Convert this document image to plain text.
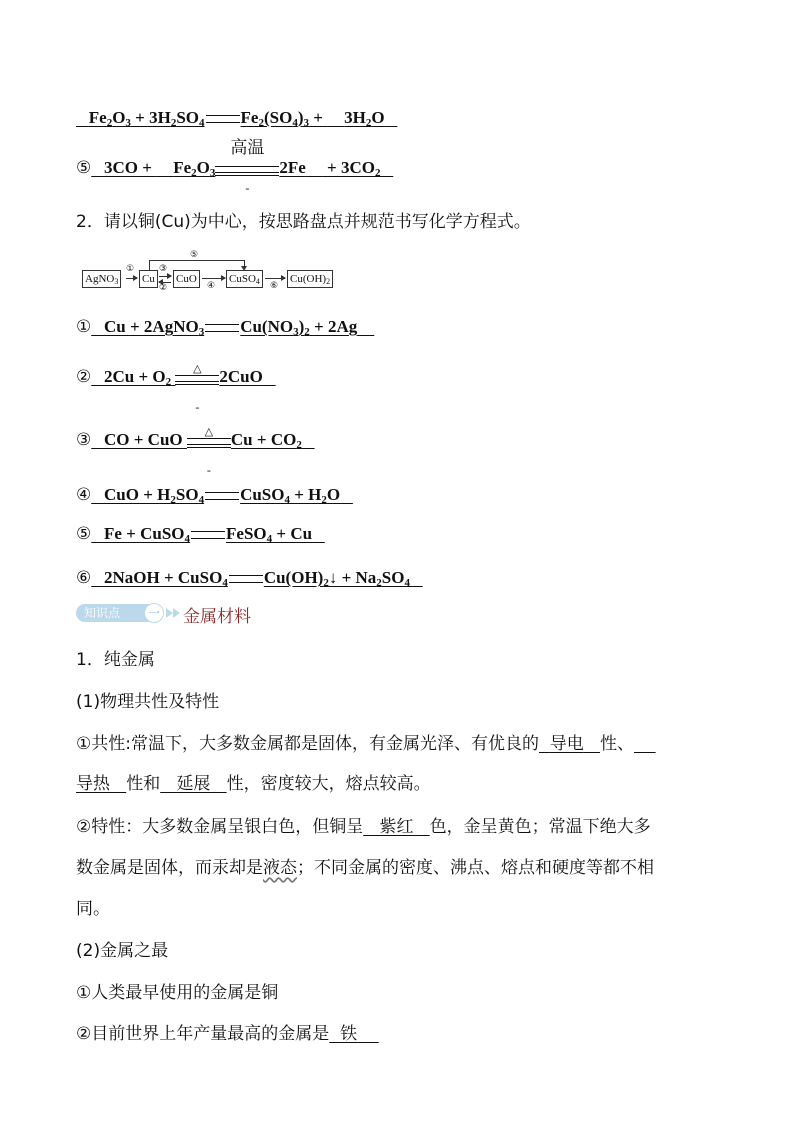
$Fe_2O_3 + 3H_2SO_4$ $Fe_2(SO_4)_3$ +     $3H_2O$
⑤ 3CO +     $Fe_2O_3$
高温
-
2Fe     + $3CO_2$
2．请以铜(Cu)为中心，按思路盘点并规范书写化学方程式。
AgNO$_3$
①
Cu
③
②
CuO
④
CuSO$_4$	⑥
$Cu(OH)_2$
⑤
① Cu + 2AgNO$_3$ $Cu(NO_3)_2 + 2Ag$
② $2Cu + O_2$
△
-
2CuO
③ CO + CuO	△
-
$Cu + CO_2$
④ CuO + $H_2SO_4$ CuSO$_4$ + $H_2O$
⑤ Fe + CuSO$_4$ FeSO$_4$ + Cu
⑥ 2NaOH + CuSO$_4$ $Cu(OH)_2↓ + Na_2SO_4$
知识点	一 金属材料
1．纯金属
(1)物理共性及特性
①共性:常温下，大多数金属都是固体，有金属光泽、有优良的 导电 性、
导热 性和 延展 性，密度较大，熔点较高。
②特性：大多数金属呈银白色，但铜呈 紫红 色，金呈黄色；常温下绝大多
数金属是固体，而汞却是液态；不同金属的密度、沸点、熔点和硬度等都不相
同。
(2)金属之最
①人类最早使用的金属是铜
②目前世界上年产量最高的金属是 铁
